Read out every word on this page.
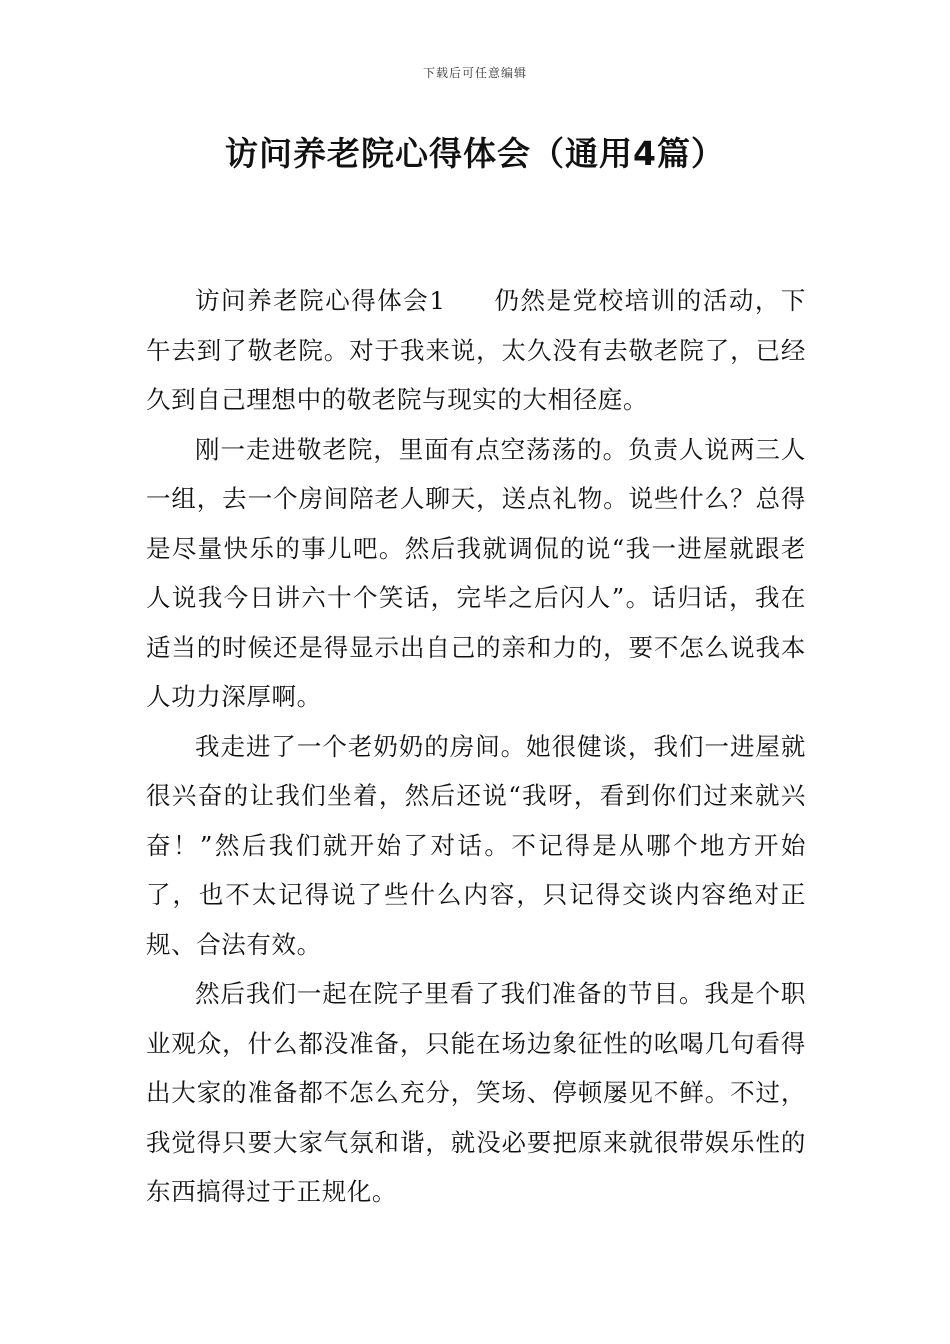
下载后可任意编辑
访问养老院心得体会（通用4篇）

访问养老院心得体会1 仍然是党校培训的活动，下午去到了敬老院。对于我来说，太久没有去敬老院了，已经久到自己理想中的敬老院与现实的大相径庭。

刚一走进敬老院，里面有点空荡荡的。负责人说两三人一组，去一个房间陪老人聊天，送点礼物。说些什么？总得是尽量快乐的事儿吧。然后我就调侃的说“我一进屋就跟老人说我今日讲六十个笑话，完毕之后闪人”。话归话，我在适当的时候还是得显示出自己的亲和力的，要不怎么说我本人功力深厚啊。

我走进了一个老奶奶的房间。她很健谈，我们一进屋就很兴奋的让我们坐着，然后还说“我呀，看到你们过来就兴奋！”然后我们就开始了对话。不记得是从哪个地方开始了，也不太记得说了些什么内容，只记得交谈内容绝对正规、合法有效。

然后我们一起在院子里看了我们准备的节目。我是个职业观众，什么都没准备，只能在场边象征性的吆喝几句看得出大家的准备都不怎么充分，笑场、停顿屡见不鲜。不过，我觉得只要大家气氛和谐，就没必要把原来就很带娱乐性的东西搞得过于正规化。
